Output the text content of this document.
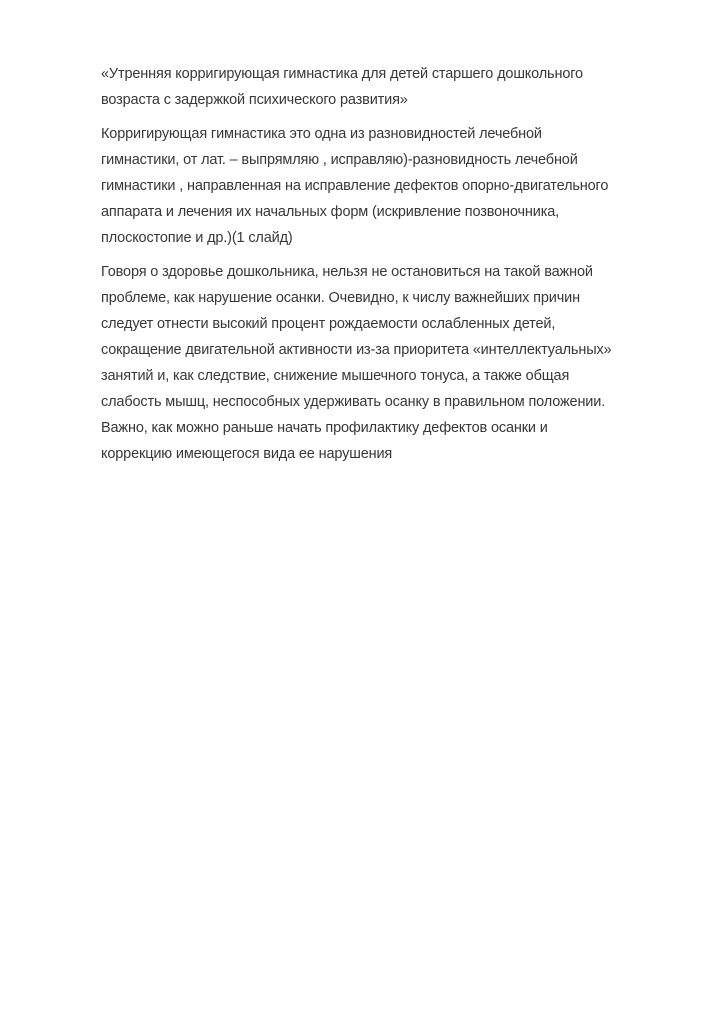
«Утренняя корригирующая гимнастика для детей старшего дошкольного
возраста с задержкой психического развития»

Корригирующая гимнастика это одна из разновидностей лечебной
гимнастики, от лат. – выпрямляю , исправляю)-разновидность лечебной
гимнастики , направленная на исправление дефектов опорно-двигательного
аппарата и лечения их начальных форм (искривление позвоночника,
плоскостопие и др.)(1 слайд)

Говоря о здоровье дошкольника, нельзя не остановиться на такой важной
проблеме, как нарушение осанки. Очевидно, к числу важнейших причин
следует отнести высокий процент рождаемости ослабленных детей,
сокращение двигательной активности из-за приоритета «интеллектуальных»
занятий и, как следствие, снижение мышечного тонуса, а также общая
слабость мышц, неспособных удерживать осанку в правильном положении.
Важно, как можно раньше начать профилактику дефектов осанки и
коррекцию имеющегося вида ее нарушения
